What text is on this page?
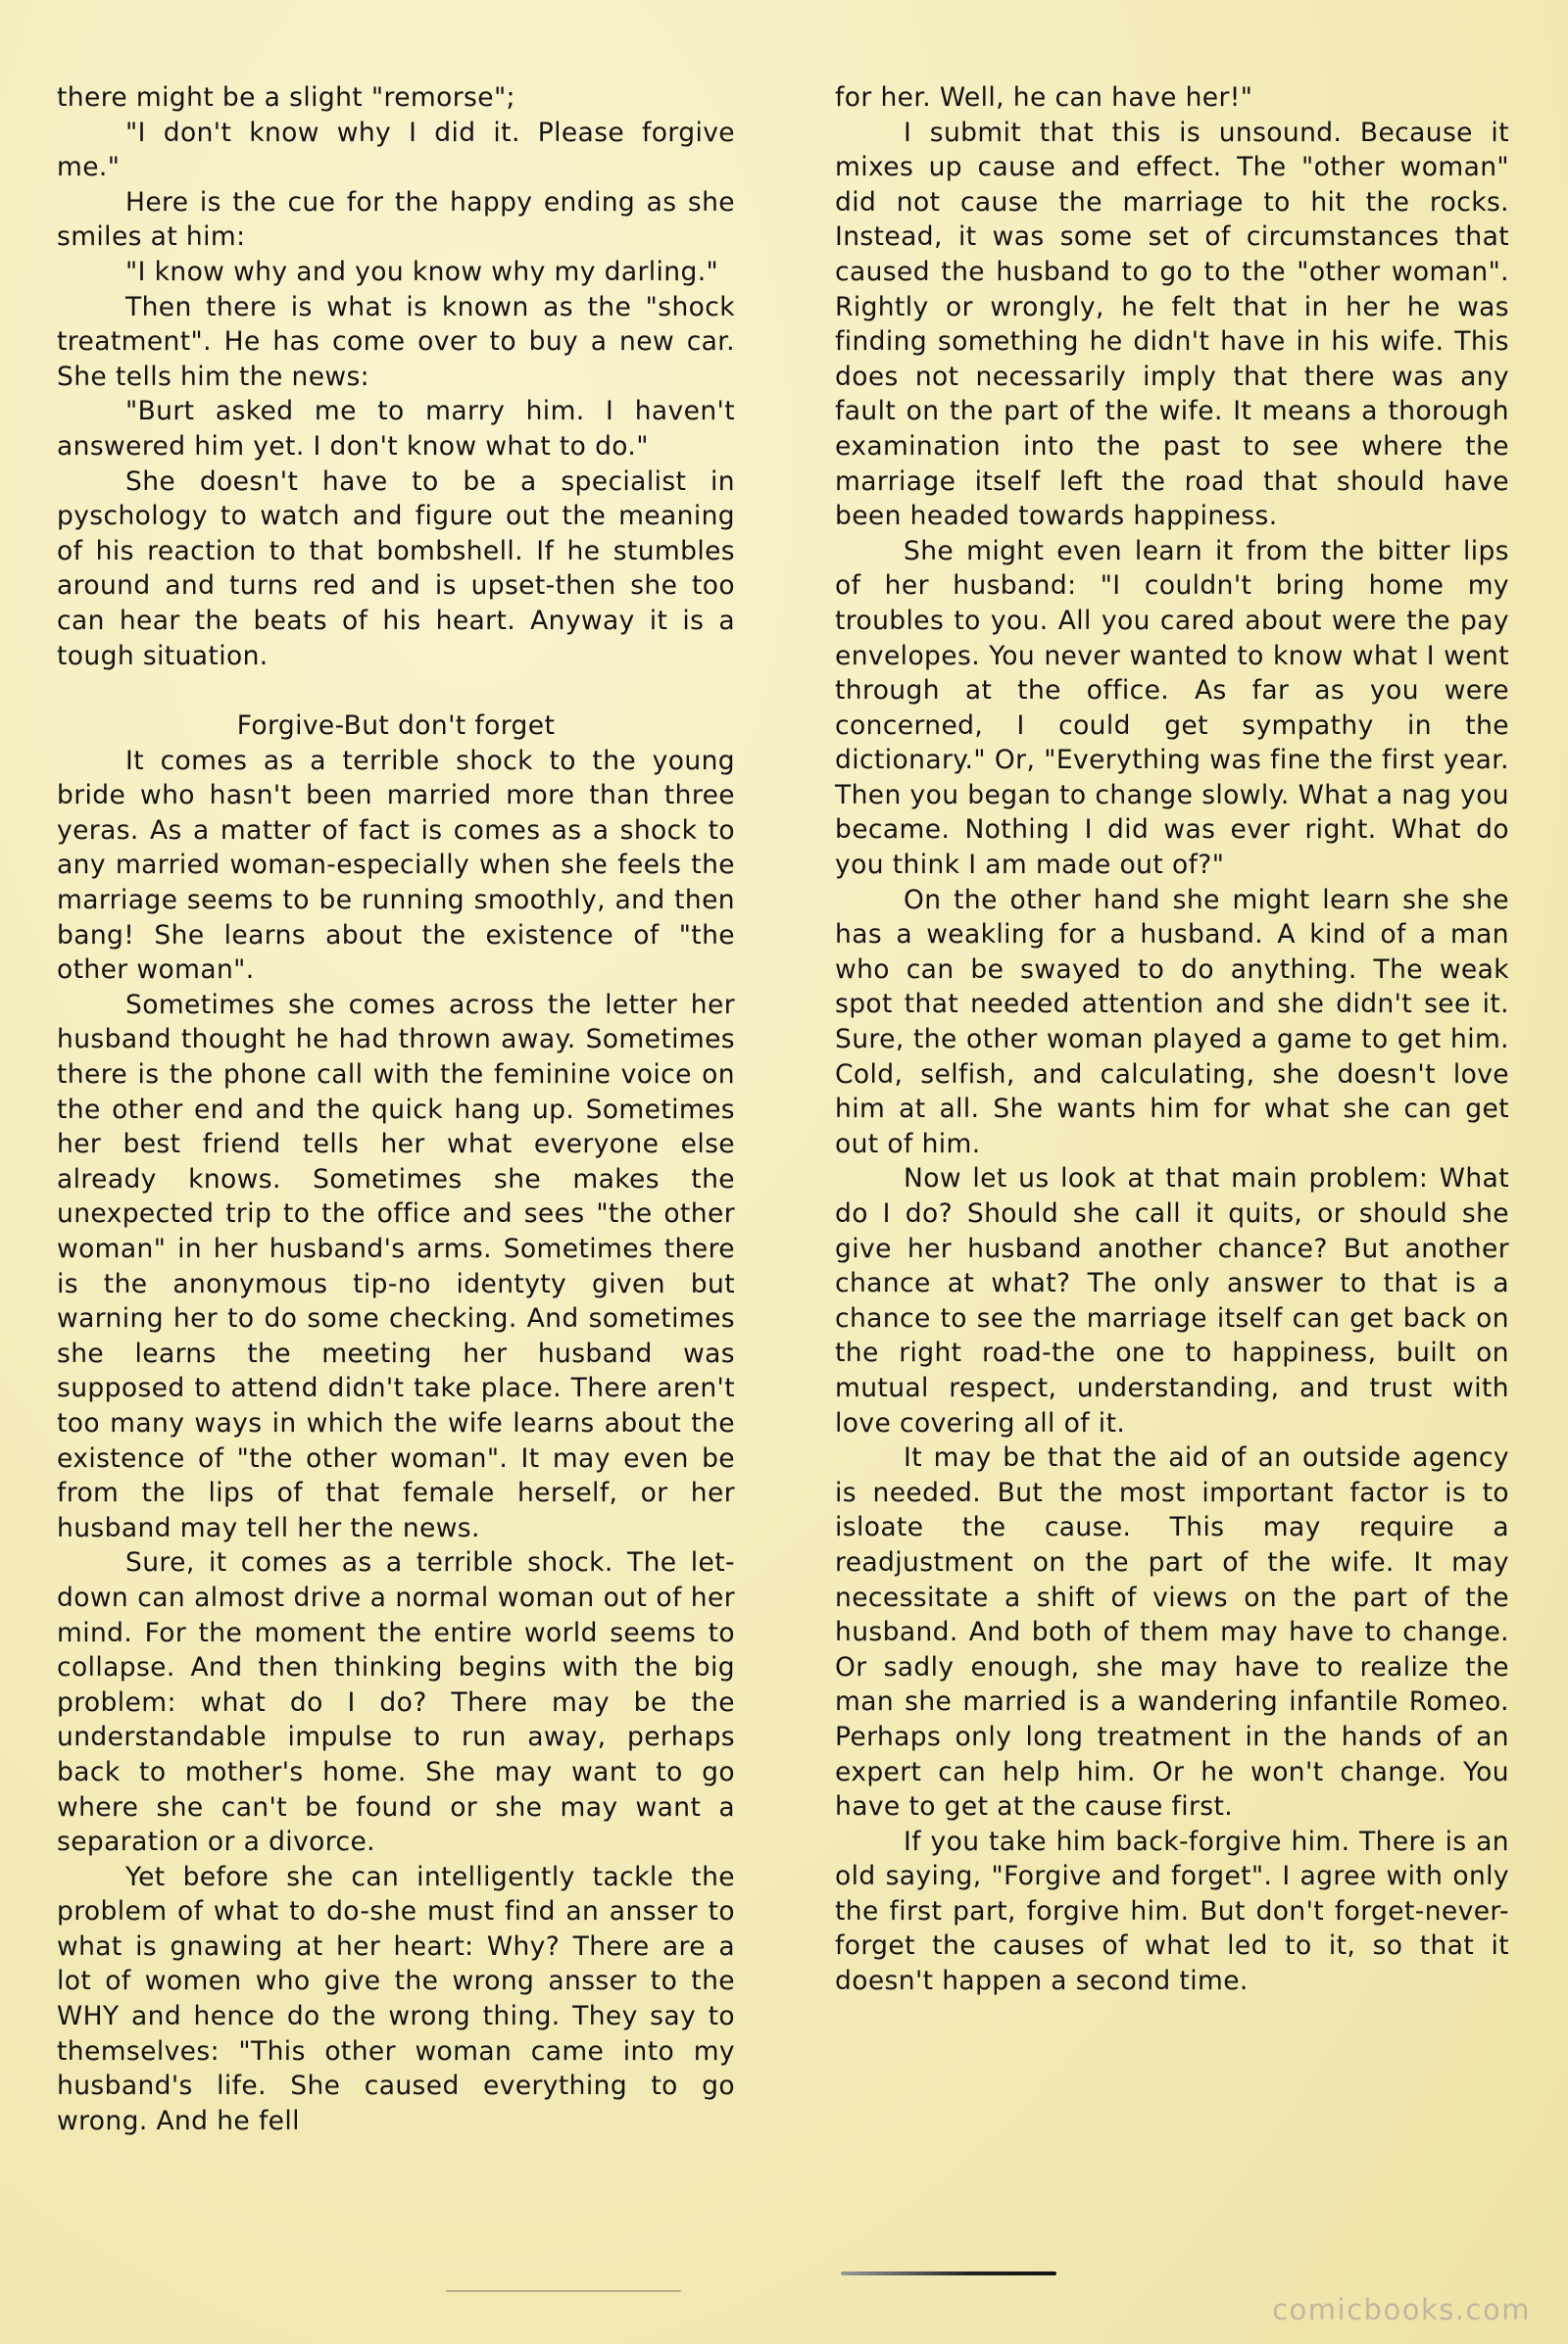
there might be a slight "remorse";

"I don't know why I did it. Please forgive me."

Here is the cue for the happy ending as she smiles at him:

"I know why and you know why my darling."

Then there is what is known as the "shock treatment". He has come over to buy a new car. She tells him the news:

"Burt asked me to marry him. I haven't answered him yet. I don't know what to do."

She doesn't have to be a specialist in pyschology to watch and figure out the meaning of his reaction to that bombshell. If he stumbles around and turns red and is upset-then she too can hear the beats of his heart. Anyway it is a tough situation.

Forgive-But don't forget

It comes as a terrible shock to the young bride who hasn't been married more than three yeras. As a matter of fact is comes as a shock to any married woman-especially when she feels the marriage seems to be running smoothly, and then bang! She learns about the existence of "the other woman".

Sometimes she comes across the letter her husband thought he had thrown away. Sometimes there is the phone call with the feminine voice on the other end and the quick hang up. Sometimes her best friend tells her what everyone else already knows. Sometimes she makes the unexpected trip to the office and sees "the other woman" in her husband's arms. Sometimes there is the anonymous tip-no identyty given but warning her to do some checking. And sometimes she learns the meeting her husband was supposed to attend didn't take place. There aren't too many ways in which the wife learns about the existence of "the other woman". It may even be from the lips of that female herself, or her husband may tell her the news.

Sure, it comes as a terrible shock. The let-down can almost drive a normal woman out of her mind. For the moment the entire world seems to collapse. And then thinking begins with the big problem: what do I do? There may be the understandable impulse to run away, perhaps back to mother's home. She may want to go where she can't be found or she may want a separation or a divorce.

Yet before she can intelligently tackle the problem of what to do-she must find an ansser to what is gnawing at her heart: Why? There are a lot of women who give the wrong ansser to the WHY and hence do the wrong thing. They say to themselves: "This other woman came into my husband's life. She caused everything to go wrong. And he fell

for her. Well, he can have her!"

I submit that this is unsound. Because it mixes up cause and effect. The "other woman" did not cause the marriage to hit the rocks. Instead, it was some set of circumstances that caused the husband to go to the "other woman". Rightly or wrongly, he felt that in her he was finding something he didn't have in his wife. This does not necessarily imply that there was any fault on the part of the wife. It means a thorough examination into the past to see where the marriage itself left the road that should have been headed towards happiness.

She might even learn it from the bitter lips of her husband: "I couldn't bring home my troubles to you. All you cared about were the pay envelopes. You never wanted to know what I went through at the office. As far as you were concerned, I could get sympathy in the dictionary." Or, "Everything was fine the first year. Then you began to change slowly. What a nag you became. Nothing I did was ever right. What do you think I am made out of?"

On the other hand she might learn she she has a weakling for a husband. A kind of a man who can be swayed to do anything. The weak spot that needed attention and she didn't see it. Sure, the other woman played a game to get him. Cold, selfish, and calculating, she doesn't love him at all. She wants him for what she can get out of him.

Now let us look at that main problem: What do I do? Should she call it quits, or should she give her husband another chance? But another chance at what? The only answer to that is a chance to see the marriage itself can get back on the right road-the one to happiness, built on mutual respect, understanding, and trust with love covering all of it.

It may be that the aid of an outside agency is needed. But the most important factor is to isloate the cause. This may require a readjustment on the part of the wife. It may necessitate a shift of views on the part of the husband. And both of them may have to change. Or sadly enough, she may have to realize the man she married is a wandering infantile Romeo. Perhaps only long treatment in the hands of an expert can help him. Or he won't change. You have to get at the cause first.

If you take him back-forgive him. There is an old saying, "Forgive and forget". I agree with only the first part, forgive him. But don't forget-never-forget the causes of what led to it, so that it doesn't happen a second time.

comicbooks.com
